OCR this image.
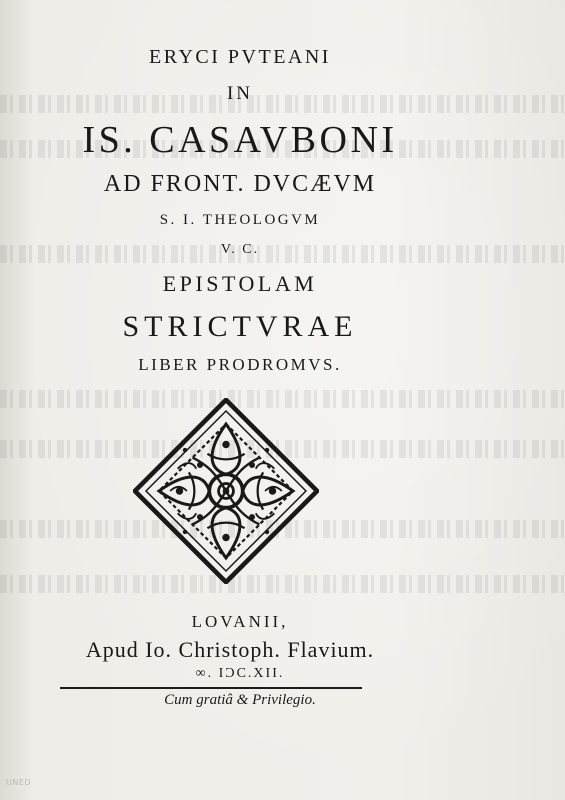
ERYCI PVTEANI
IN
IS. CASAVBONI
AD FRONT. DVCÆVM
S. I. THEOLOGVM
V. C.
EPISTOLAM
STRICTVRAE
LIBER PRODROMVS.
LOVANII,
Apud Io. Christoph. Flavium.
∞. IϽC.XII.
Cum gratiâ & Privilegio.
UNED
